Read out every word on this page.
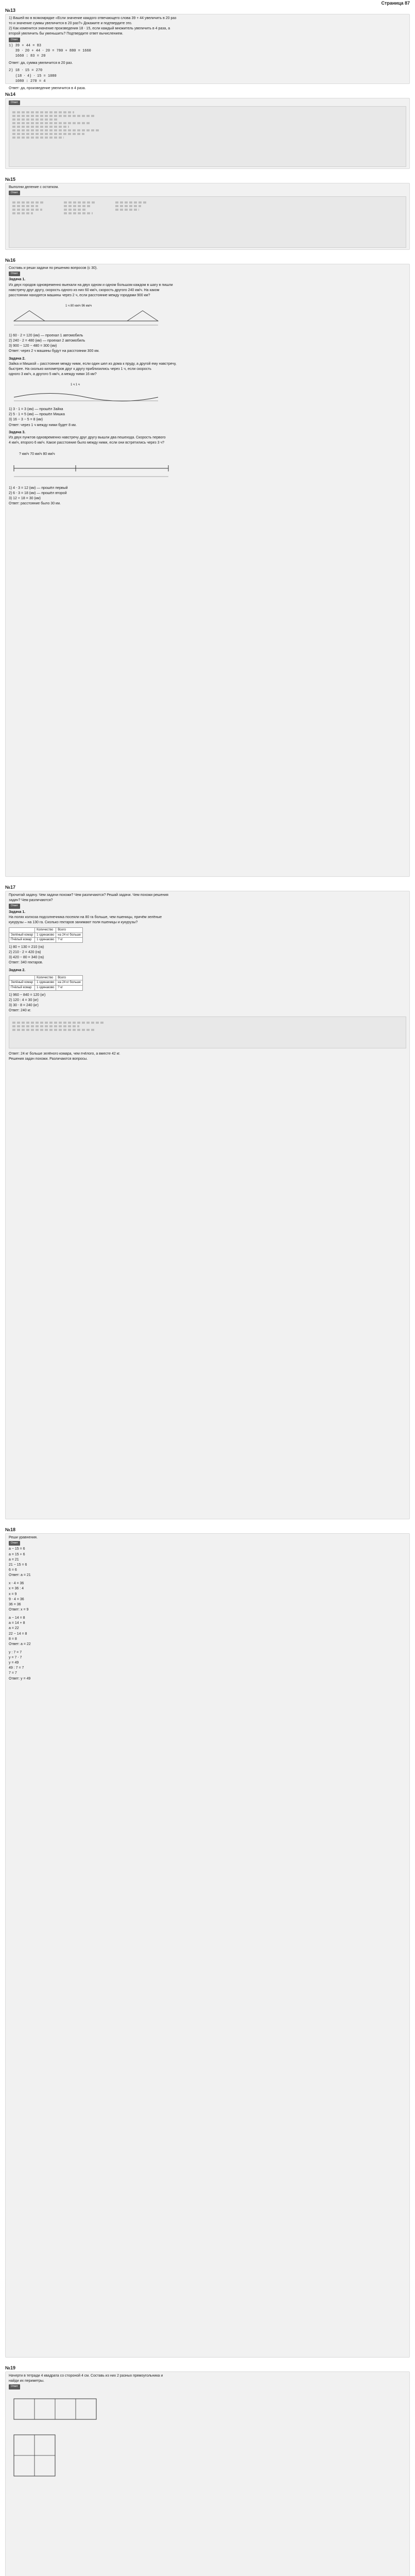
Страница 87
№13

1) Вашей во в всякомрядке «Если значение каждого отвечающего слова 39 + 44 увеличить в 20 раз

то и значение суммы увеличится в 20 раз?» Докажите и подтвердите это.

2) Как изменится значение произведения 18 ⋅ 15, если каждый множитель увеличить в 4 раза, а

второй увеличить бы уменьшить? Подтвердите ответ вычислением.

Ответ

1) 39 + 44 = 83

39 ⋅ 20 + 44 ⋅ 20 = 780 + 880 = 1660

1660 : 83 = 20

Ответ: да, сумма увеличится в 20 раз.

2) 18 ⋅ 15 = 270

(18 ⋅ 4) ⋅ 15 = 1080

1080 : 270 = 4

Ответ: да, произведение увеличится в 4 раза.

№14
Ответ
№15

Выполни деление с остатком.

Ответ
№16

Составь и реши задачи по решению вопросов (с 30).

Ответ

Задача 1.

Из двух городов одновременно выехали на двух одном и одном большом каждом в шагу в пишли

навстречу друг другу, скорость одного из них 60 км/ч, скорость другого 240 км/ч. На каком

расстоянии находятся машины через 2 ч, если расстояние между городами 900 км?

1 ч 80 км/ч 96 км/ч

1) 60 ⋅ 2 = 120 (км) — проехал 1 автомобиль

2) 240 ⋅ 2 = 480 (км) — проехал 2 автомобиль

3) 900 − 120 − 480 = 300 (км)

Ответ: через 2 ч машины будут на расстоянии 300 км.

Задача 2.

Зайка и Мишкой – расстояние между ними, если один шел из дома к пруду, а другой ему навстречу,

быстрее. На сколько километров друг к другу приблизились через 1 ч, если скорость

одного 3 км/ч, а другого 5 км/ч, а между ними 16 км?

1 ч 1 ч

1) 3 ⋅ 1 = 3 (км) — прошёл Зайка

2) 5 ⋅ 1 = 5 (км) — прошёл Мишка

3) 16 − 3 − 5 = 8 (км)

Ответ: через 1 ч между ними будет 8 км.

Задача 3.

Из двух пунктов одновременно навстречу друг другу вышли два пешехода. Скорость первого

4 км/ч, второго 6 км/ч. Какое расстояние было между ними, если они встретились через 3 ч?

? км/ч 70 км/ч 80 км/ч

1) 4 ⋅ 3 = 12 (км) — прошёл первый

2) 6 ⋅ 3 = 18 (км) — прошёл второй

3) 12 + 18 = 30 (км)

Ответ: расстояние было 30 км.

№17

Прочитай задачу. Чем задачи похожи? Чем различаются? Решай задачи. Чем похожи решения

задач? Чем различаются?

Ответ

Задача 1.

На полях колхоза подсолнечника посеяли на 80 га больше, чем пшеницы, причём зелёные

кукурузы – на 130 га. Сколько гектаров занимают поля пшеницы и кукурузы?

	Количество	Всего
Зелёный комар	1 одинаково	на 24 кг больше
Пчёлый комар	1 одинаково	? кг

1) 80 + 130 = 210 (га)

2) 210 ⋅ 2 = 420 (га)

3) 420 − 80 = 340 (га)

Ответ: 340 гектаров.

Задача 2.

	Количество	Всего
Зелёный комар	1 одинаково	на 24 кг больше
Пчёлый комар	1 одинаково	? кг

1) 960 − 840 = 120 (кг)

2) 120 : 4 = 30 (кг)

3) 30 ⋅ 8 = 240 (кг)

Ответ: 240 кг.

Ответ: 24 кг больше зелёного комара, чем пчёлого, а вместе 42 кг.

Решения задач похожи. Различаются вопросы.

№18

Реши уравнения.

Ответ

a − 15 = 6

a = 15 + 6

a = 21

21 − 15 = 6

6 = 6

Ответ: a = 21

x ⋅ 4 = 36

x = 36 : 4

x = 9

9 ⋅ 4 = 36

36 = 36

Ответ: x = 9

a − 14 = 8

a = 14 + 8

a = 22

22 − 14 = 8

8 = 8

Ответ: a = 22

y : 7 = 7

y = 7 ⋅ 7

y = 49

49 : 7 = 7

7 = 7

Ответ: y = 49

№19

Начерти в тетради 4 квадрата со стороной 4 см. Составь из них 2 разных прямоугольника и

найди их периметры.

Ответ
